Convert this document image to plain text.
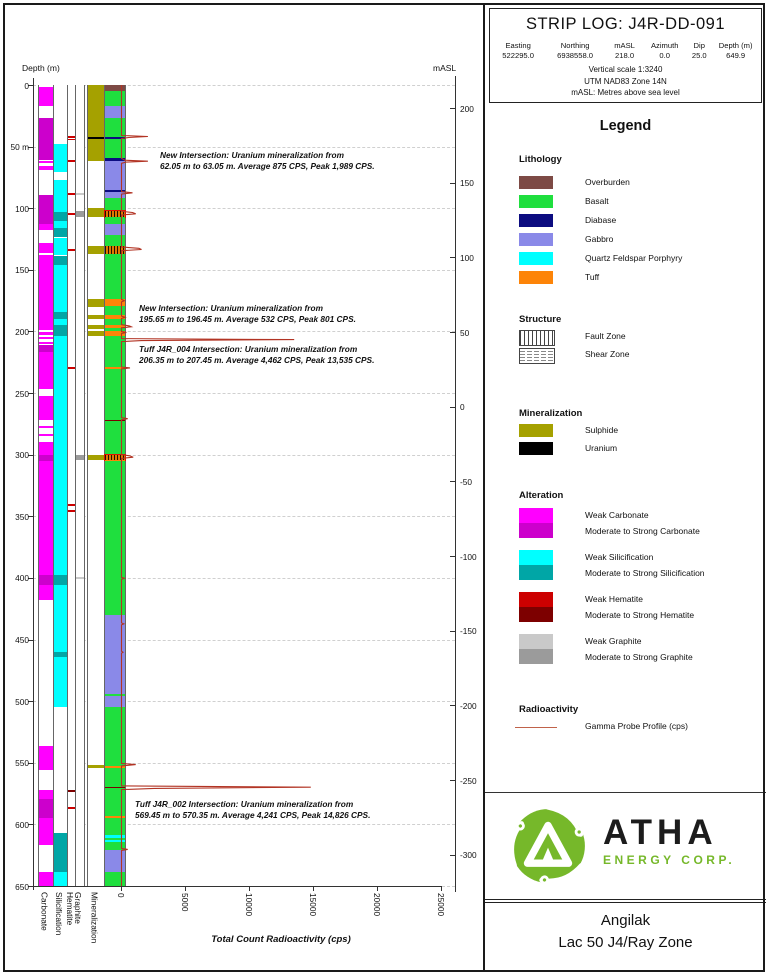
Depth (m)	mASL
Total Count Radioactivity (cps)
0
50 m
100
150
200
250
300
350
400
450
500
550
600
650
200
150
100
50
0
-50
-100
-150
-200
-250
-300
0	5000	10000	15000	20000	25000
Carbonate Silicification Hematite
Graphite Mineralization
New Intersection: Uranium mineralization from
62.05 m to 63.05 m. Average 875 CPS, Peak 1,989 CPS.
New Intersection: Uranium mineralization from
195.65 m to 196.45 m. Average 532 CPS, Peak 801 CPS.
Tuff J4R_004 Intersection: Uranium mineralization from
206.35 m to 207.45 m. Average 4,462 CPS, Peak 13,535 CPS.
Tuff J4R_002 Intersection: Uranium mineralization from
569.45 m to 570.35 m. Average 4,241 CPS, Peak 14,826 CPS.
STRIP LOG: J4R-DD-091
Easting
522295.0
Northing
6938558.0
mASL
218.0
Azimuth
0.0
Dip
25.0
Depth (m)
649.9
Vertical scale 1:3240
UTM NAD83 Zone 14N
mASL: Metres above sea level
Legend
Lithology
Overburden
Basalt
Diabase
Gabbro
Quartz Feldspar Porphyry
Tuff
Structure
Fault Zone
Shear Zone
Mineralization
Sulphide
Uranium
Alteration
Weak Carbonate
Moderate to Strong Carbonate
Weak Silicification
Moderate to Strong Silicification
Weak Hematite
Moderate to Strong Hematite
Weak Graphite
Moderate to Strong Graphite
Radioactivity
Gamma Probe Profile (cps)
ATHA
ENERGY CORP.
Angilak
Lac 50 J4/Ray Zone
